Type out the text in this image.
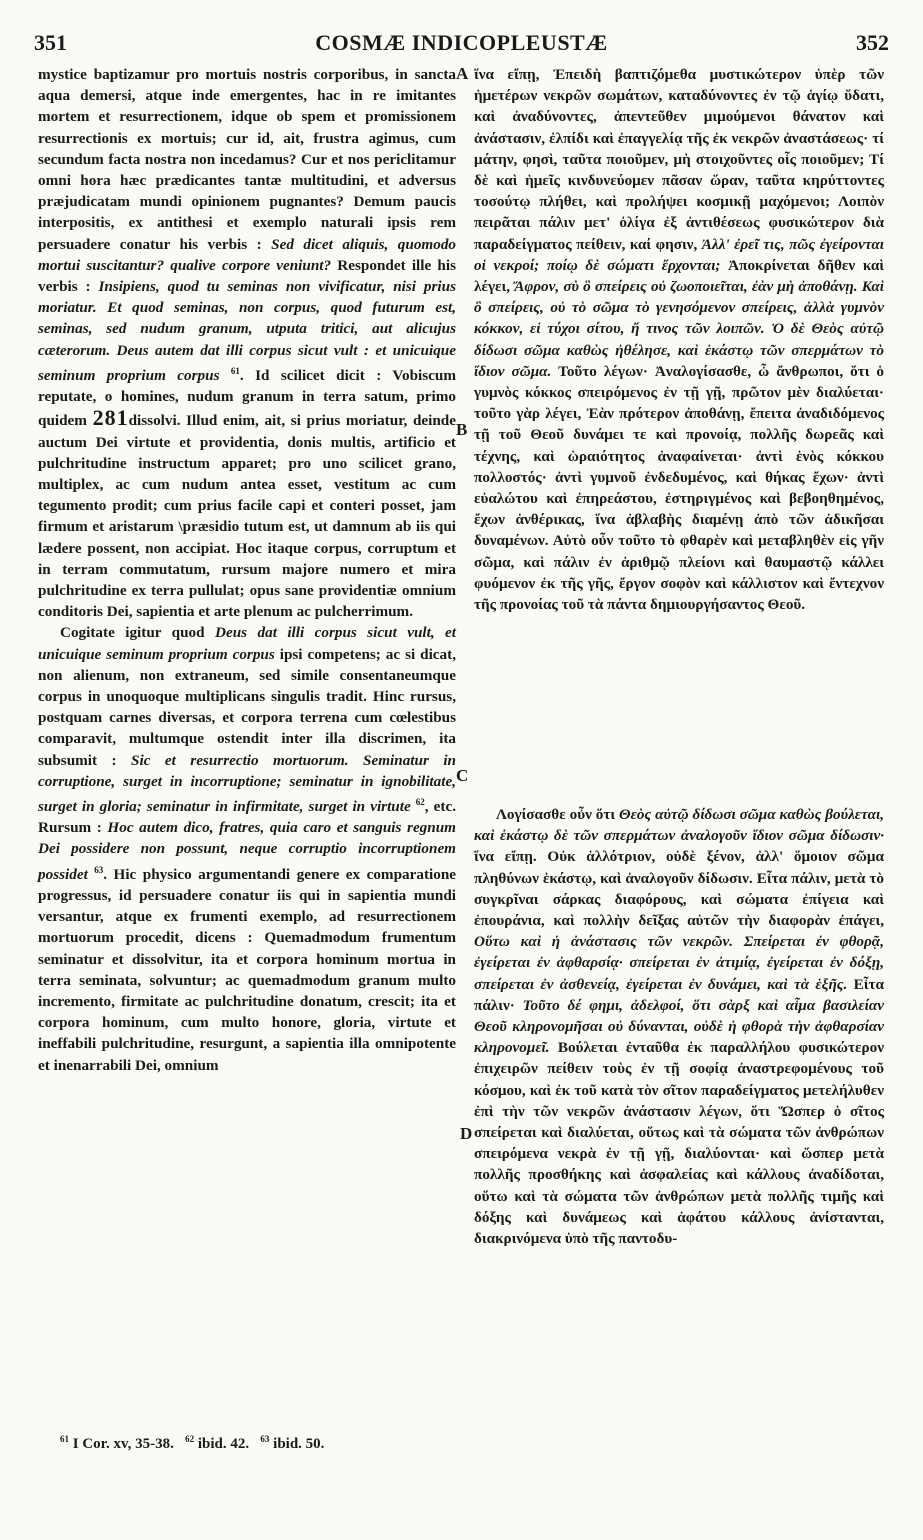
351	COSMÆ INDICOPLEUSTÆ	352

mystice baptizamur pro mortuis nostris corporibus, in sancta aqua demersi, atque inde emergentes, hac in re imitantes mortem et resurrectionem, idque ob spem et promissionem resurrectionis ex mortuis; cur id, ait, frustra agimus, cum secundum facta nostra non incedamus? Cur et nos periclitamur omni hora hæc prædicantes tantæ multitudini, et adversus præjudicatam mundi opinionem pugnantes? Demum paucis interpositis, ex antithesi et exemplo naturali ipsis rem persuadere conatur his verbis : Sed dicet aliquis, quomodo mortui suscitantur? qualive corpore veniunt? Respondet ille his verbis : Insipiens, quod tu seminas non vivificatur, nisi prius moriatur. Et quod seminas, non corpus, quod futurum est, seminas, sed nudum granum, utputa tritici, aut alicujus cæterorum. Deus autem dat illi corpus sicut vult : et unicuique seminum proprium corpus $^{61}$. Id scilicet dicit : Vobiscum reputate, o homines, nudum granum in terra satum, primo quidem 281dissolvi. Illud enim, ait, si prius moriatur, deinde auctum Dei virtute et providentia, donis multis, artificio et pulchritudine instructum apparet; pro uno scilicet grano, multiplex, ac cum nudum antea esset, vestitum ac cum tegumento prodit; cum prius facile capi et conteri posset, jam firmum et aristarum \præsidio tutum est, ut damnum ab iis qui lædere possent, non accipiat. Hoc itaque corpus, corruptum et in terram commutatum, rursum majore numero et mira pulchritudine ex terra pullulat; opus sane providentiæ omnium conditoris Dei, sapientia et arte plenum ac pulcherrimum.

Cogitate igitur quod Deus dat illi corpus sicut vult, et unicuique seminum proprium corpus ipsi competens; ac si dicat, non alienum, non extraneum, sed simile consentaneumque corpus in unoquoque multiplicans singulis tradit. Hinc rursus, postquam carnes diversas, et corpora terrena cum cœlestibus comparavit, multumque ostendit inter illa discrimen, ita subsumit : Sic et resurrectio mortuorum. Seminatur in corruptione, surget in incorruptione; seminatur in ignobilitate, surget in gloria; seminatur in infirmitate, surget in virtute $^{62}$, etc. Rursum : Hoc autem dico, fratres, quia caro et sanguis regnum Dei possidere non possunt, neque corruptio incorruptionem possidet $^{63}$. Hic physico argumentandi genere ex comparatione progressus, id persuadere conatur iis qui in sapientia mundi versantur, atque ex frumenti exemplo, ad resurrectionem mortuorum procedit, dicens : Quemadmodum frumentum seminatur et dissolvitur, ita et corpora hominum mortua in terra seminata, solvuntur; ac quemadmodum granum multo incremento, firmitate ac pulchritudine donatum, crescit; ita et corpora hominum, cum multo honore, gloria, virtute et ineffabili pulchritudine, resurgunt, a sapientia illa omnipotente et inenarrabili Dei, omnium

A
B
C
D

ἵνα εἴπῃ, Ἐπειδὴ βαπτιζόμεθα μυστικώτερον ὑπὲρ τῶν ἡμετέρων νεκρῶν σωμάτων, καταδύνοντες ἐν τῷ ἁγίῳ ὕδατι, καὶ ἀναδύνοντες, ἀπεντεῦθεν μιμούμενοι θάνατον καὶ ἀνάστασιν, ἐλπίδι καὶ ἐπαγγελίᾳ τῆς ἐκ νεκρῶν ἀναστάσεως· τί μάτην, φησὶ, ταῦτα ποιοῦμεν, μὴ στοιχοῦντες οἷς ποιοῦμεν; Τί δὲ καὶ ἡμεῖς κινδυνεύομεν πᾶσαν ὥραν, ταῦτα κηρύττοντες τοσούτῳ πλήθει, καὶ προλήψει κοσμικῇ μαχόμενοι; Λοιπὸν πειρᾶται πάλιν μετ' ὀλίγα ἐξ ἀντιθέσεως φυσικώτερον διὰ παραδείγματος πείθειν, καί φησιν, Ἀλλ' ἐρεῖ τις, πῶς ἐγείρονται οἱ νεκροί; ποίῳ δὲ σώματι ἔρχονται; Ἀποκρίνεται δῆθεν καὶ λέγει, Ἄφρον, σὺ ὃ σπείρεις οὐ ζωοποιεῖται, ἐὰν μὴ ἀποθάνῃ. Καὶ ὃ σπείρεις, οὐ τὸ σῶμα τὸ γενησόμενον σπείρεις, ἀλλὰ γυμνὸν κόκκον, εἰ τύχοι σίτου, ἤ τινος τῶν λοιπῶν. Ὁ δὲ Θεὸς αὐτῷ δίδωσι σῶμα καθὼς ἠθέλησε, καὶ ἑκάστῳ τῶν σπερμάτων τὸ ἴδιον σῶμα. Τοῦτο λέγων· Ἀναλογίσασθε, ὦ ἄνθρωποι, ὅτι ὁ γυμνὸς κόκκος σπειρόμενος ἐν τῇ γῇ, πρῶτον μὲν διαλύεται· τοῦτο γὰρ λέγει, Ἐὰν πρότερον ἀποθάνῃ, ἔπειτα ἀναδιδόμενος τῇ τοῦ Θεοῦ δυνάμει τε καὶ προνοίᾳ, πολλῆς δωρεᾶς καὶ τέχνης, καὶ ὡραιότητος ἀναφαίνεται· ἀντὶ ἑνὸς κόκκου πολλοστός· ἀντὶ γυμνοῦ ἐνδεδυμένος, καὶ θήκας ἔχων· ἀντὶ εὐαλώτου καὶ ἐπηρεάστου, ἐστηριγμένος καὶ βεβοηθημένος, ἔχων ἀνθέρικας, ἵνα ἀβλαβὴς διαμένῃ ἀπὸ τῶν ἀδικῆσαι δυναμένων. Αὐτὸ οὖν τοῦτο τὸ φθαρὲν καὶ μεταβληθὲν εἰς γῆν σῶμα, καὶ πάλιν ἐν ἀριθμῷ πλείονι καὶ θαυμαστῷ κάλλει φυόμενον ἐκ τῆς γῆς, ἔργον σοφὸν καὶ κάλλιστον καὶ ἔντεχνον τῆς προνοίας τοῦ τὰ πάντα δημιουργήσαντος Θεοῦ.

Λογίσασθε οὖν ὅτι Θεὸς αὐτῷ δίδωσι σῶμα καθὼς βούλεται, καὶ ἑκάστῳ δὲ τῶν σπερμάτων ἀναλογοῦν ἴδιον σῶμα δίδωσιν· ἵνα εἴπῃ. Οὐκ ἀλλότριον, οὐδὲ ξένον, ἀλλ' ὅμοιον σῶμα πληθύνων ἑκάστῳ, καὶ ἀναλογοῦν δίδωσιν. Εἶτα πάλιν, μετὰ τὸ συγκρῖναι σάρκας διαφόρους, καὶ σώματα ἐπίγεια καὶ ἐπουράνια, καὶ πολλὴν δεῖξας αὐτῶν τὴν διαφορὰν ἐπάγει, Οὕτω καὶ ἡ ἀνάστασις τῶν νεκρῶν. Σπείρεται ἐν φθορᾷ, ἐγείρεται ἐν ἀφθαρσίᾳ· σπείρεται ἐν ἀτιμίᾳ, ἐγείρεται ἐν δόξῃ, σπείρεται ἐν ἀσθενείᾳ, ἐγείρεται ἐν δυνάμει, καὶ τὰ ἑξῆς. Εἶτα πάλιν· Τοῦτο δέ φημι, ἀδελφοί, ὅτι σὰρξ καὶ αἷμα βασιλείαν Θεοῦ κληρονομῆσαι οὐ δύνανται, οὐδὲ ἡ φθορὰ τὴν ἀφθαρσίαν κληρονομεῖ. Βούλεται ἐνταῦθα ἐκ παραλλήλου φυσικώτερον ἐπιχειρῶν πείθειν τοὺς ἐν τῇ σοφίᾳ ἀναστρεφομένους τοῦ κόσμου, καὶ ἐκ τοῦ κατὰ τὸν σῖτον παραδείγματος μετελήλυθεν ἐπὶ τὴν τῶν νεκρῶν ἀνάστασιν λέγων, ὅτι Ὥσπερ ὁ σῖτος σπείρεται καὶ διαλύεται, οὕτως καὶ τὰ σώματα τῶν ἀνθρώπων σπειρόμενα νεκρὰ ἐν τῇ γῇ, διαλύονται· καὶ ὥσπερ μετὰ πολλῆς προσθήκης καὶ ἀσφαλείας καὶ κάλλους ἀναδίδοται, οὕτω καὶ τὰ σώματα τῶν ἀνθρώπων μετὰ πολλῆς τιμῆς καὶ δόξης καὶ δυνάμεως καὶ ἀφάτου κάλλους ἀνίστανται, διακρινόμενα ὑπὸ τῆς παντοδυ-

$^{61}$ I Cor. xv, 35-38. $^{62}$ ibid. 42. $^{63}$ ibid. 50.
